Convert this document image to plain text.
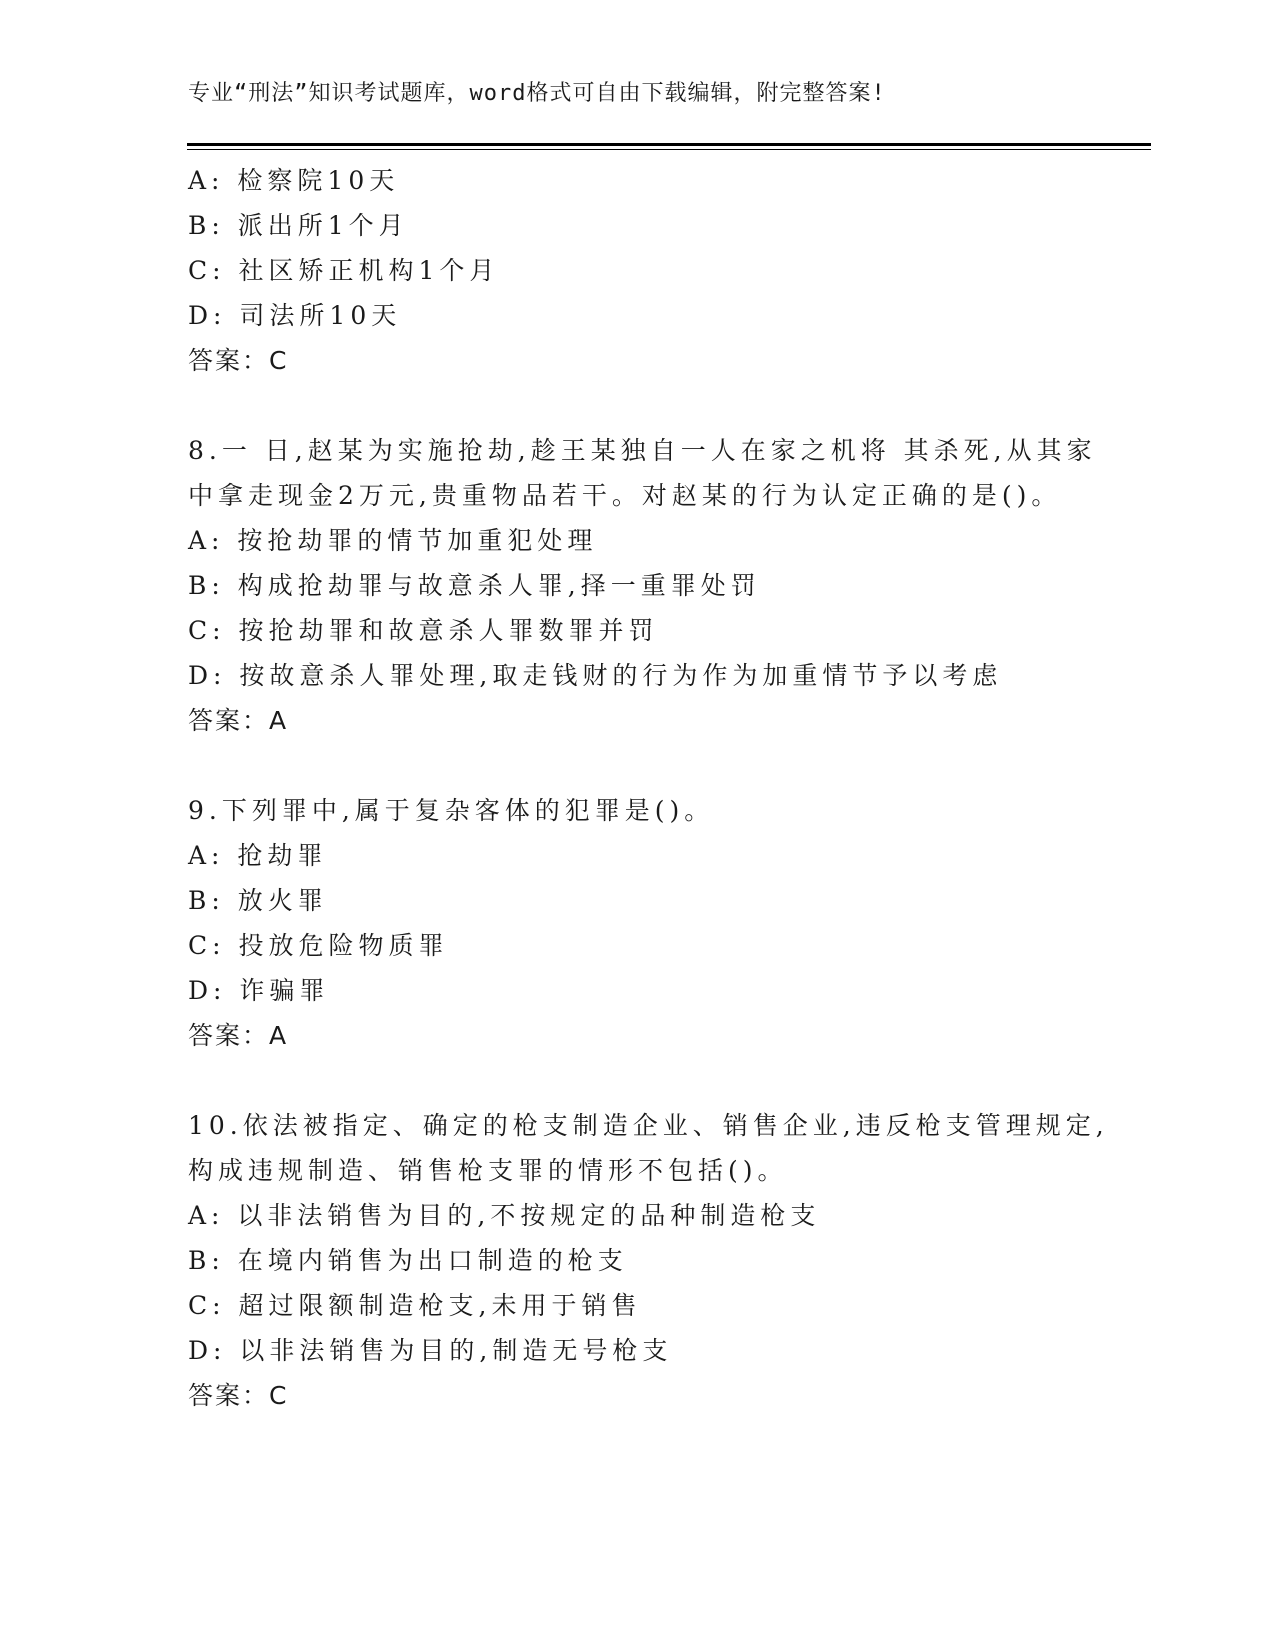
专业“刑法”知识考试题库，word格式可自由下载编辑，附完整答案!
A: 检察院10天
B: 派出所1个月
C: 社区矫正机构1个月
D: 司法所10天
答案：C
8.一 日,赵某为实施抢劫,趁王某独自一人在家之机将 其杀死,从其家
中拿走现金2万元,贵重物品若干。对赵某的行为认定正确的是()。
A: 按抢劫罪的情节加重犯处理
B: 构成抢劫罪与故意杀人罪,择一重罪处罚
C: 按抢劫罪和故意杀人罪数罪并罚
D: 按故意杀人罪处理,取走钱财的行为作为加重情节予以考虑
答案：A
9.下列罪中,属于复杂客体的犯罪是()。
A: 抢劫罪
B: 放火罪
C: 投放危险物质罪
D: 诈骗罪
答案：A
10.依法被指定、确定的枪支制造企业、销售企业,违反枪支管理规定,
构成违规制造、销售枪支罪的情形不包括()。
A: 以非法销售为目的,不按规定的品种制造枪支
B: 在境内销售为出口制造的枪支
C: 超过限额制造枪支,未用于销售
D: 以非法销售为目的,制造无号枪支
答案：C
